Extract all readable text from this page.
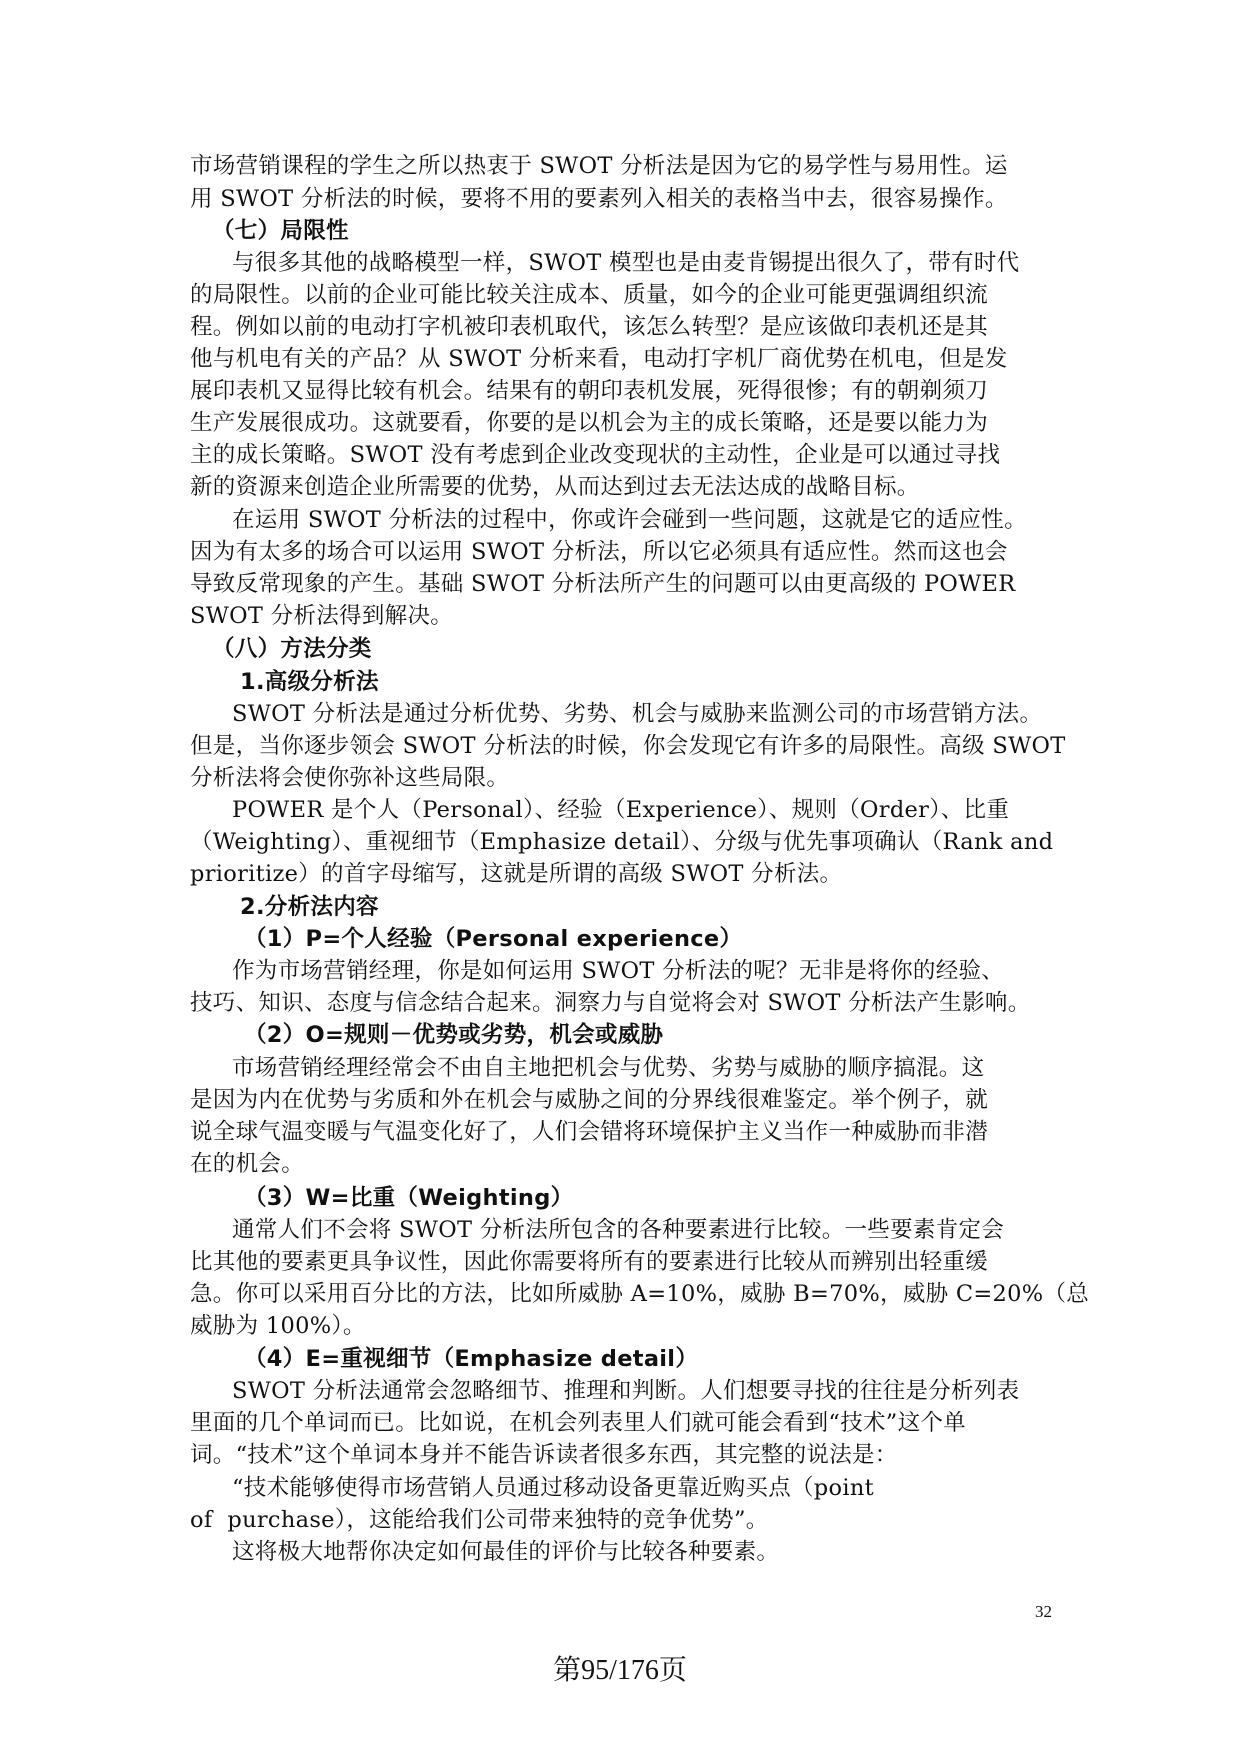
市场营销课程的学生之所以热衷于 SWOT 分析法是因为它的易学性与易用性。运
用 SWOT 分析法的时候，要将不用的要素列入相关的表格当中去，很容易操作。
（七）局限性
与很多其他的战略模型一样，SWOT 模型也是由麦肯锡提出很久了，带有时代
的局限性。以前的企业可能比较关注成本、质量，如今的企业可能更强调组织流
程。例如以前的电动打字机被印表机取代，该怎么转型？是应该做印表机还是其
他与机电有关的产品？从 SWOT 分析来看，电动打字机厂商优势在机电，但是发
展印表机又显得比较有机会。结果有的朝印表机发展，死得很惨；有的朝剃须刀
生产发展很成功。这就要看，你要的是以机会为主的成长策略，还是要以能力为
主的成长策略。SWOT 没有考虑到企业改变现状的主动性，企业是可以通过寻找
新的资源来创造企业所需要的优势，从而达到过去无法达成的战略目标。
在运用 SWOT 分析法的过程中，你或许会碰到一些问题，这就是它的适应性。
因为有太多的场合可以运用 SWOT 分析法，所以它必须具有适应性。然而这也会
导致反常现象的产生。基础 SWOT 分析法所产生的问题可以由更高级的 POWER
SWOT 分析法得到解决。
（八）方法分类
1.高级分析法
SWOT 分析法是通过分析优势、劣势、机会与威胁来监测公司的市场营销方法。
但是，当你逐步领会 SWOT 分析法的时候，你会发现它有许多的局限性。高级 SWOT
分析法将会使你弥补这些局限。
POWER 是个人（Personal）、经验（Experience）、规则（Order）、比重
（Weighting）、重视细节（Emphasize detail）、分级与优先事项确认（Rank and
prioritize）的首字母缩写，这就是所谓的高级 SWOT 分析法。
2.分析法内容
（1）P=个人经验（Personal experience）
作为市场营销经理，你是如何运用 SWOT 分析法的呢？无非是将你的经验、
技巧、知识、态度与信念结合起来。洞察力与自觉将会对 SWOT 分析法产生影响。
（2）O=规则－优势或劣势，机会或威胁
市场营销经理经常会不由自主地把机会与优势、劣势与威胁的顺序搞混。这
是因为内在优势与劣质和外在机会与威胁之间的分界线很难鉴定。举个例子，就
说全球气温变暖与气温变化好了，人们会错将环境保护主义当作一种威胁而非潜
在的机会。
（3）W=比重（Weighting）
通常人们不会将 SWOT 分析法所包含的各种要素进行比较。一些要素肯定会
比其他的要素更具争议性，因此你需要将所有的要素进行比较从而辨别出轻重缓
急。你可以采用百分比的方法，比如所威胁 A=10%，威胁 B=70%，威胁 C=20%（总
威胁为 100%）。
（4）E=重视细节（Emphasize detail）
SWOT 分析法通常会忽略细节、推理和判断。人们想要寻找的往往是分析列表
里面的几个单词而已。比如说，在机会列表里人们就可能会看到“技术”这个单
词。“技术”这个单词本身并不能告诉读者很多东西，其完整的说法是：
“技术能够使得市场营销人员通过移动设备更靠近购买点（point
of  purchase），这能给我们公司带来独特的竞争优势”。
这将极大地帮你决定如何最佳的评价与比较各种要素。
32
第95/176页
